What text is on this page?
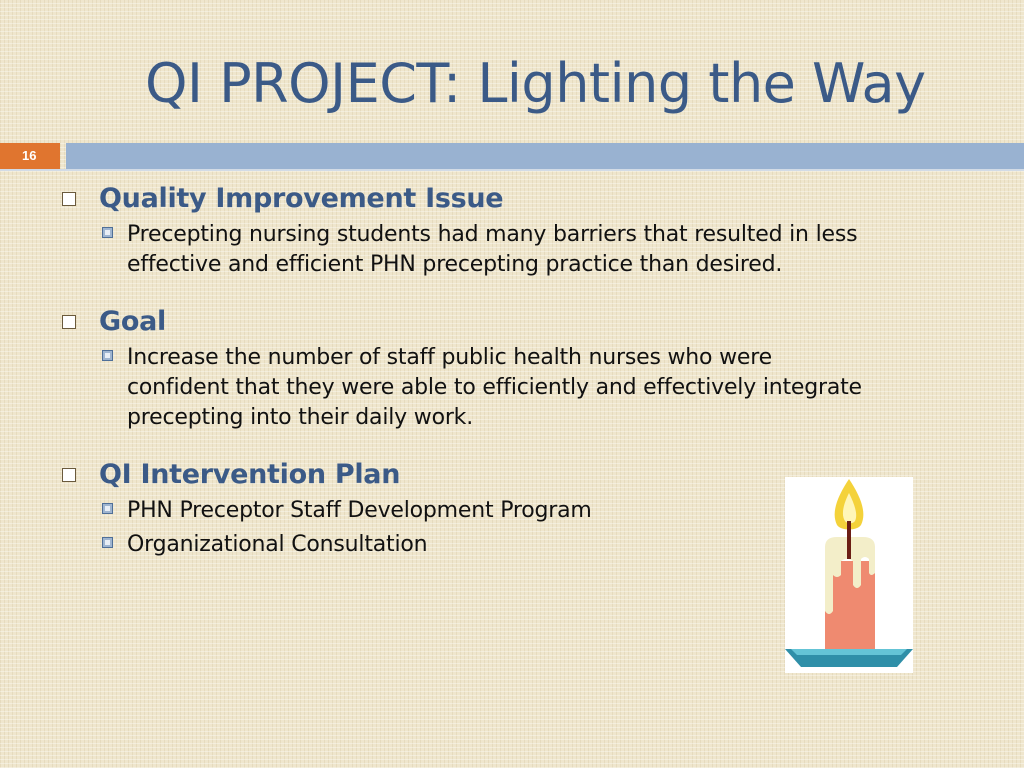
QI PROJECT: Lighting the Way
16
Quality Improvement Issue
Precepting nursing students had many barriers that resulted in less effective and efficient PHN precepting practice than desired.
Goal
Increase the number of staff public health nurses who were confident that they were able to efficiently and effectively integrate precepting into their daily work.
QI Intervention Plan
PHN Preceptor Staff Development Program
Organizational Consultation
